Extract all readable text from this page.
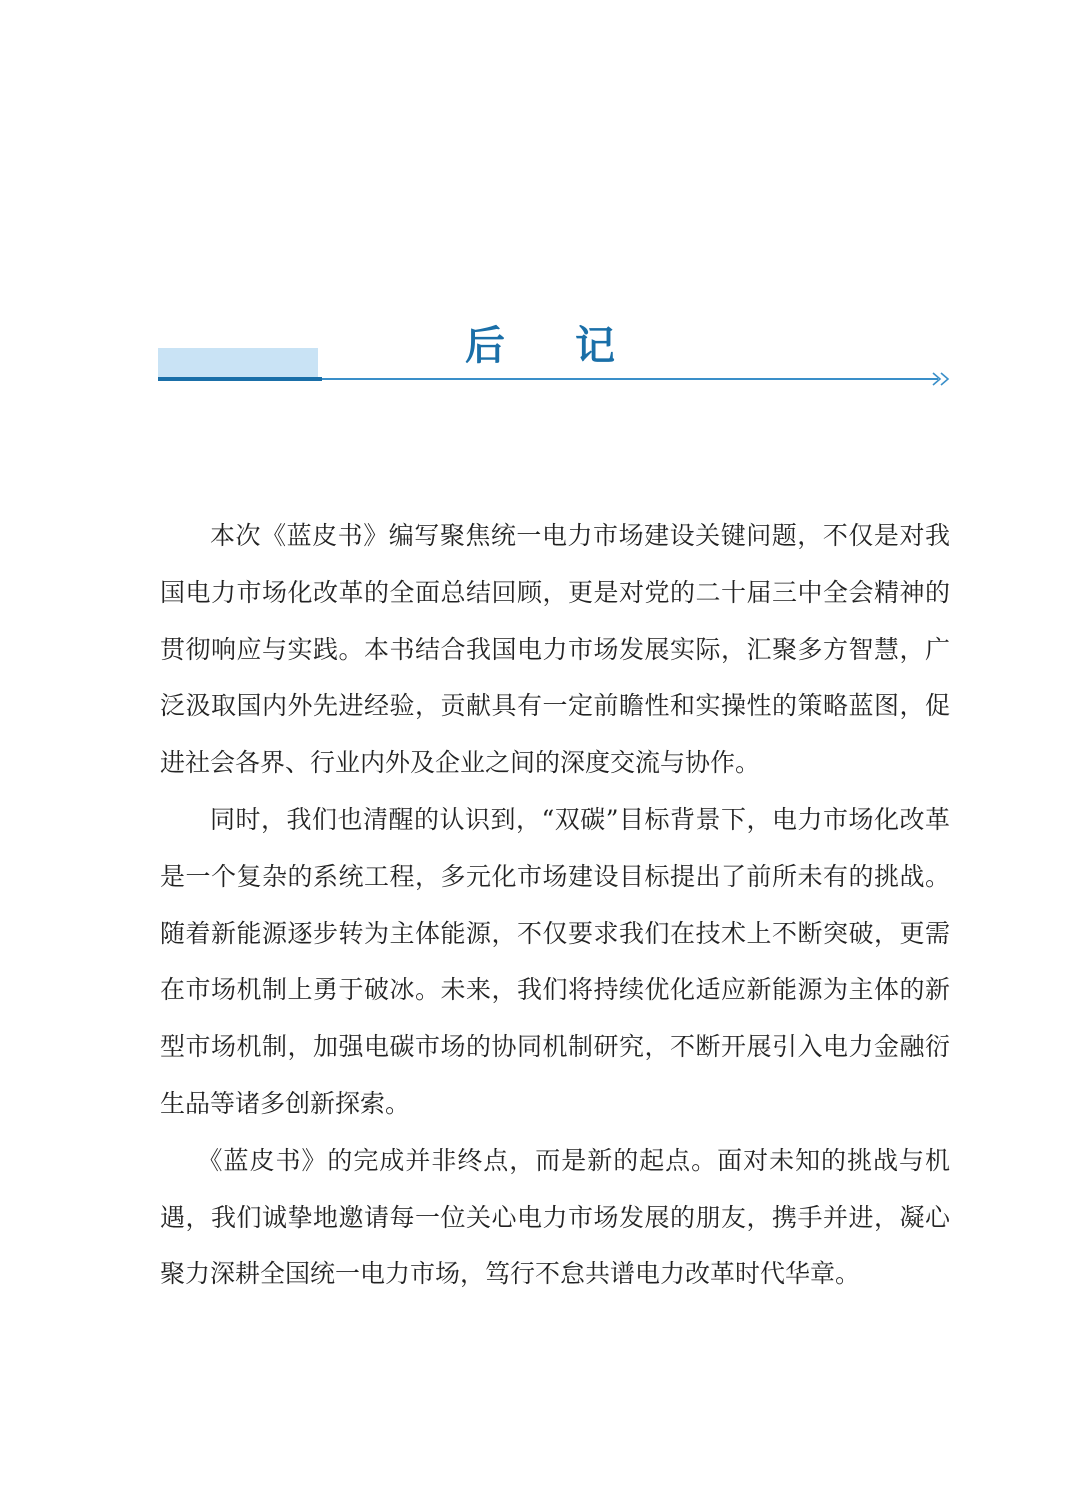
后 记

本次《蓝皮书》编写聚焦统一电力市场建设关键问题，不仅是对我国电力市场化改革的全面总结回顾，更是对党的二十届三中全会精神的贯彻响应与实践。本书结合我国电力市场发展实际，汇聚多方智慧，广泛汲取国内外先进经验，贡献具有一定前瞻性和实操性的策略蓝图，促进社会各界、行业内外及企业之间的深度交流与协作。

同时，我们也清醒的认识到，“双碳”目标背景下，电力市场化改革是一个复杂的系统工程，多元化市场建设目标提出了前所未有的挑战。随着新能源逐步转为主体能源，不仅要求我们在技术上不断突破，更需在市场机制上勇于破冰。未来，我们将持续优化适应新能源为主体的新型市场机制，加强电碳市场的协同机制研究，不断开展引入电力金融衍生品等诸多创新探索。

《蓝皮书》的完成并非终点，而是新的起点。面对未知的挑战与机遇，我们诚挚地邀请每一位关心电力市场发展的朋友，携手并进，凝心聚力深耕全国统一电力市场，笃行不怠共谱电力改革时代华章。
